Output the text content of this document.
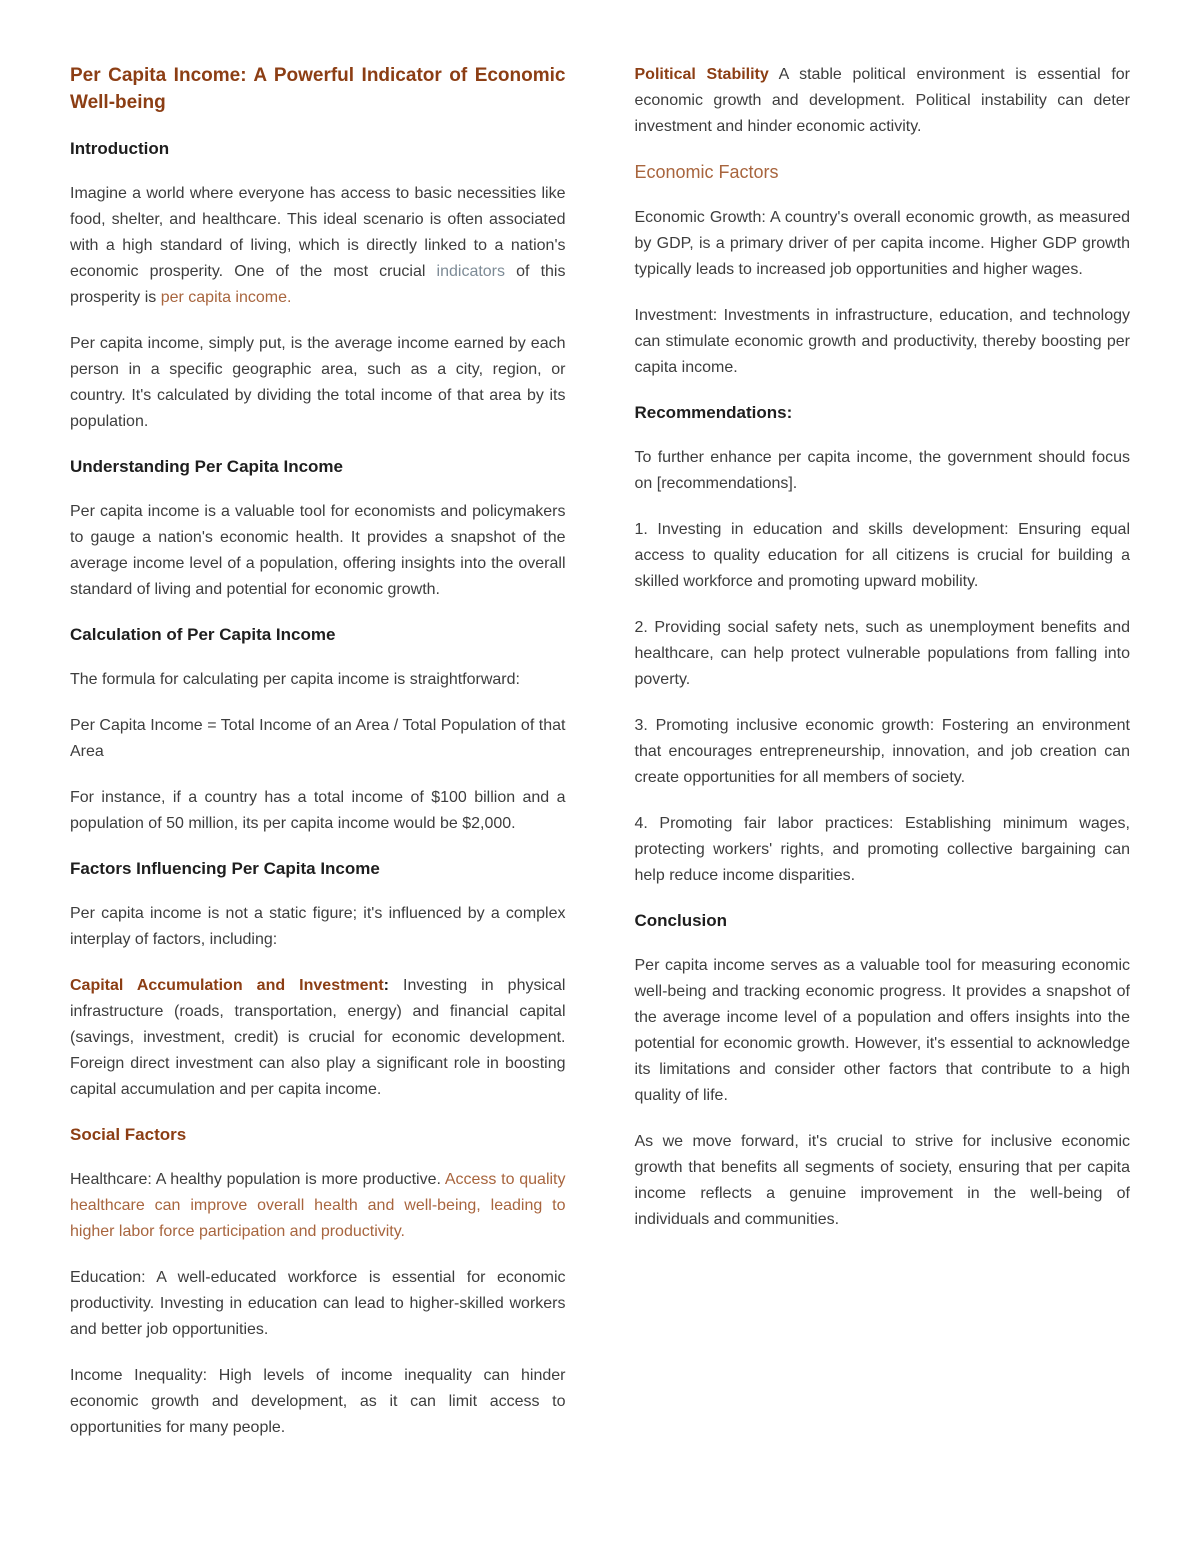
Per Capita Income: A Powerful Indicator of Economic Well-being
Introduction

Imagine a world where everyone has access to basic necessities like food, shelter, and healthcare. This ideal scenario is often associated with a high standard of living, which is directly linked to a nation's economic prosperity. One of the most crucial indicators of this prosperity is per capita income.

Per capita income, simply put, is the average income earned by each person in a specific geographic area, such as a city, region, or country. It's calculated by dividing the total income of that area by its population.

Understanding Per Capita Income

Per capita income is a valuable tool for economists and policymakers to gauge a nation's economic health. It provides a snapshot of the average income level of a population, offering insights into the overall standard of living and potential for economic growth.

Calculation of Per Capita Income

The formula for calculating per capita income is straightforward:

Per Capita Income = Total Income of an Area / Total Population of that Area

For instance, if a country has a total income of $100 billion and a population of 50 million, its per capita income would be $2,000.

Factors Influencing Per Capita Income

Per capita income is not a static figure; it's influenced by a complex interplay of factors, including:

Capital Accumulation and Investment: Investing in physical infrastructure (roads, transportation, energy) and financial capital (savings, investment, credit) is crucial for economic development. Foreign direct investment can also play a significant role in boosting capital accumulation and per capita income.

Social Factors

Healthcare: A healthy population is more productive. Access to quality healthcare can improve overall health and well-being, leading to higher labor force participation and productivity.

Education: A well-educated workforce is essential for economic productivity. Investing in education can lead to higher-skilled workers and better job opportunities.

Income Inequality: High levels of income inequality can hinder economic growth and development, as it can limit access to opportunities for many people.

Political Stability A stable political environment is essential for economic growth and development. Political instability can deter investment and hinder economic activity.

Economic Factors

Economic Growth: A country's overall economic growth, as measured by GDP, is a primary driver of per capita income. Higher GDP growth typically leads to increased job opportunities and higher wages.

Investment: Investments in infrastructure, education, and technology can stimulate economic growth and productivity, thereby boosting per capita income.

Recommendations:

To further enhance per capita income, the government should focus on [recommendations].

1. Investing in education and skills development: Ensuring equal access to quality education for all citizens is crucial for building a skilled workforce and promoting upward mobility.

2. Providing social safety nets, such as unemployment benefits and healthcare, can help protect vulnerable populations from falling into poverty.

3. Promoting inclusive economic growth: Fostering an environment that encourages entrepreneurship, innovation, and job creation can create opportunities for all members of society.

4. Promoting fair labor practices: Establishing minimum wages, protecting workers' rights, and promoting collective bargaining can help reduce income disparities.

Conclusion

Per capita income serves as a valuable tool for measuring economic well-being and tracking economic progress. It provides a snapshot of the average income level of a population and offers insights into the potential for economic growth. However, it's essential to acknowledge its limitations and consider other factors that contribute to a high quality of life.

As we move forward, it's crucial to strive for inclusive economic growth that benefits all segments of society, ensuring that per capita income reflects a genuine improvement in the well-being of individuals and communities.
